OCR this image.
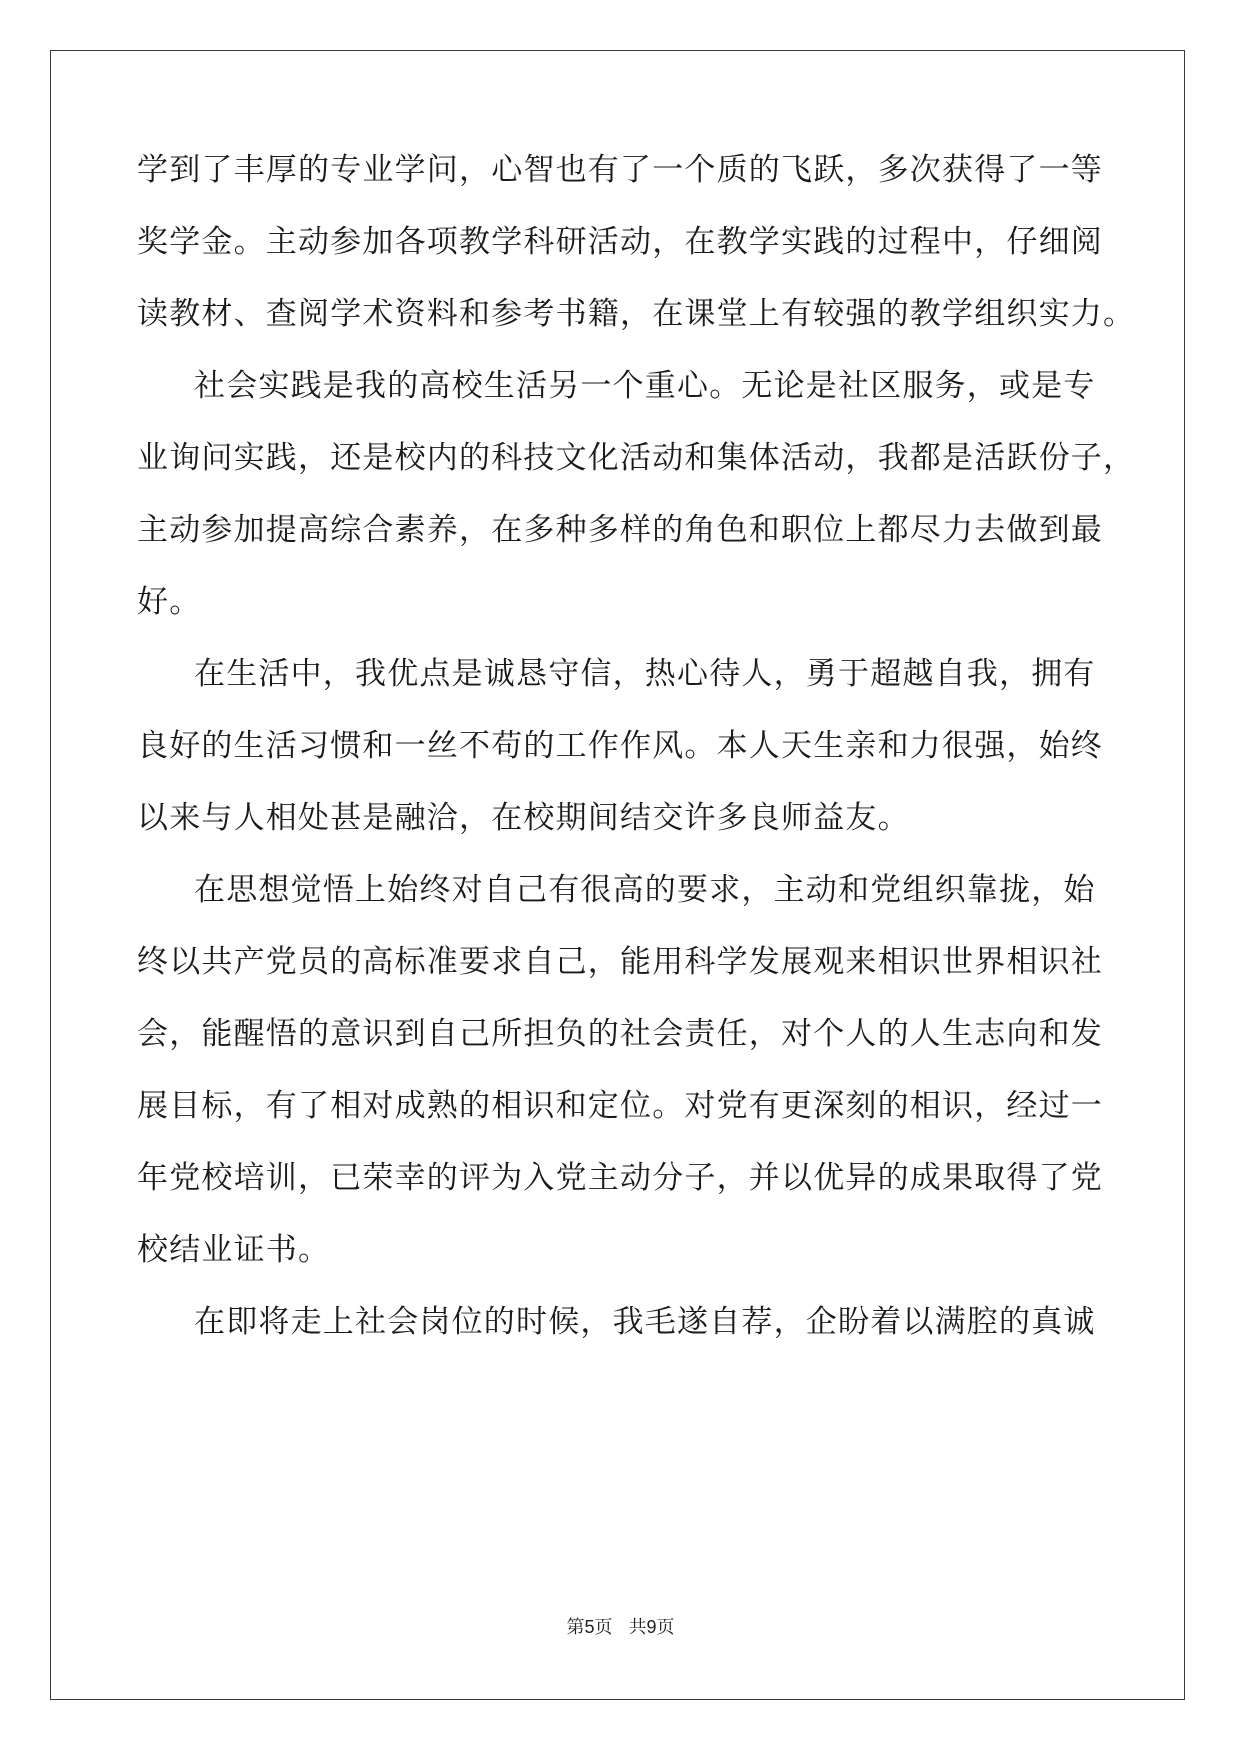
学到了丰厚的专业学问，心智也有了一个质的飞跃，多次获得了一等
奖学金。主动参加各项教学科研活动，在教学实践的过程中，仔细阅
读教材、查阅学术资料和参考书籍，在课堂上有较强的教学组织实力。
社会实践是我的高校生活另一个重心。无论是社区服务，或是专
业询问实践，还是校内的科技文化活动和集体活动，我都是活跃份子，
主动参加提高综合素养，在多种多样的角色和职位上都尽力去做到最
好。
在生活中，我优点是诚恳守信，热心待人，勇于超越自我，拥有
良好的生活习惯和一丝不苟的工作作风。本人天生亲和力很强，始终
以来与人相处甚是融洽，在校期间结交许多良师益友。
在思想觉悟上始终对自己有很高的要求，主动和党组织靠拢，始
终以共产党员的高标准要求自己，能用科学发展观来相识世界相识社
会，能醒悟的意识到自己所担负的社会责任，对个人的人生志向和发
展目标，有了相对成熟的相识和定位。对党有更深刻的相识，经过一
年党校培训，已荣幸的评为入党主动分子，并以优异的成果取得了党
校结业证书。
在即将走上社会岗位的时候，我毛遂自荐，企盼着以满腔的真诚
第5页 共9页
